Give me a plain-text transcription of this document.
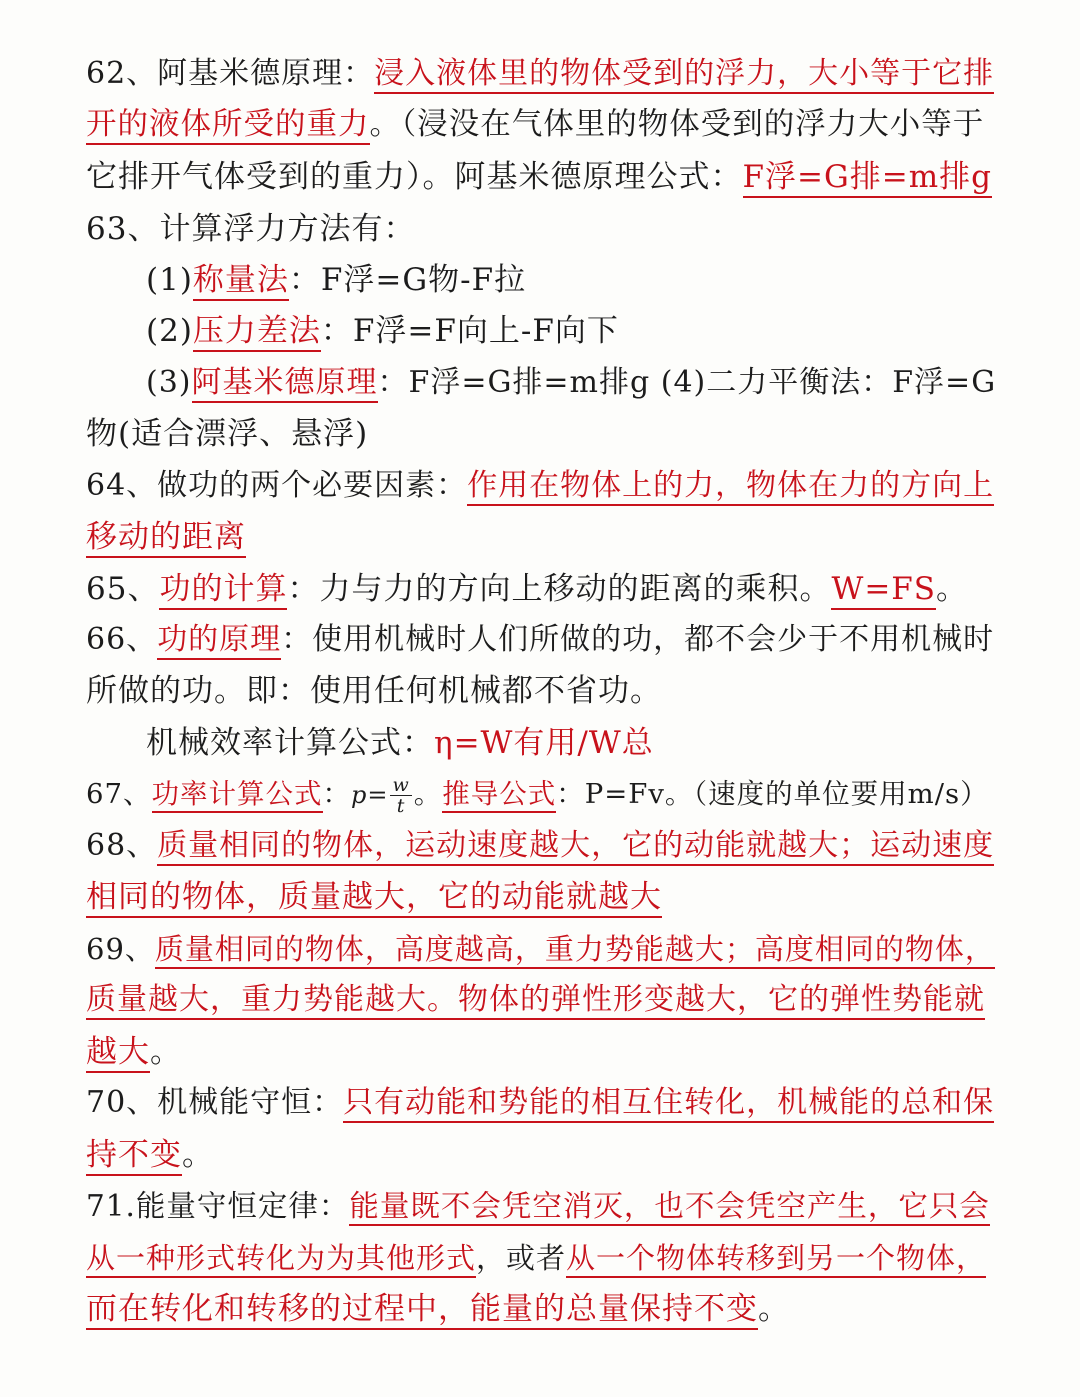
62、阿基米德原理：浸入液体里的物体受到的浮力，大小等于它排
开的液体所受的重力。（浸没在气体里的物体受到的浮力大小等于
它排开气体受到的重力）。阿基米德原理公式：F浮=G排=m排g
63、计算浮力方法有：
(1)称量法：F浮=G物-F拉
(2)压力差法：F浮=F向上-F向下
(3)阿基米德原理：F浮=G排=m排g (4)二力平衡法：F浮=G
物(适合漂浮、悬浮)
64、做功的两个必要因素：作用在物体上的力，物体在力的方向上
移动的距离
65、功的计算：力与力的方向上移动的距离的乘积。W=FS。
66、功的原理：使用机械时人们所做的功，都不会少于不用机械时
所做的功。即：使用任何机械都不省功。
机械效率计算公式：η=W有用/W总
67、功率计算公式：$p= \frac{w}{t}$ 。推导公式：P=Fv。（速度的单位要用m/s）
68、质量相同的物体，运动速度越大，它的动能就越大；运动速度
相同的物体，质量越大，它的动能就越大
69、质量相同的物体，高度越高，重力势能越大；高度相同的物体，
质量越大，重力势能越大。物体的弹性形变越大，它的弹性势能就
越大。
70、机械能守恒：只有动能和势能的相互住转化，机械能的总和保
持不变。
71.能量守恒定律：能量既不会凭空消灭，也不会凭空产生，它只会
从一种形式转化为为其他形式，或者从一个物体转移到另一个物体，
而在转化和转移的过程中，能量的总量保持不变。
